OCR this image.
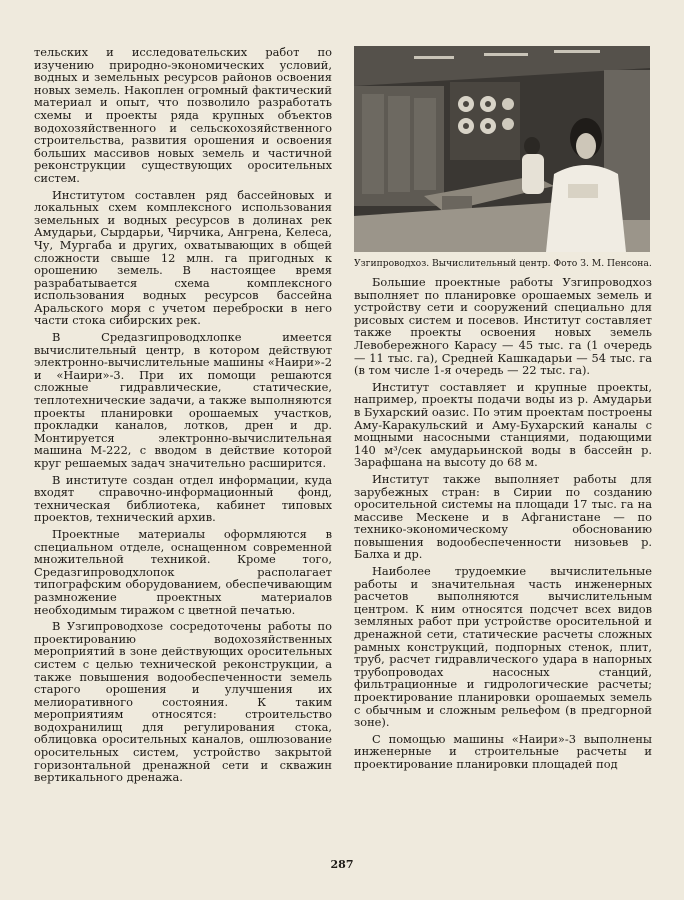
тельских и исследовательских работ по изучению природно-экономических условий, водных и земельных ресурсов районов освоения новых земель. Накоплен огромный фактический материал и опыт, что позволило разработать схемы и проекты ряда крупных объектов водохозяйственного и сельскохозяйственного строительства, развития орошения и освоения больших массивов новых земель и частичной реконструкции существующих оросительных систем.

Институтом составлен ряд бассейновых и локальных схем комплексного использования земельных и водных ресурсов в долинах рек Амударьи, Сырдарьи, Чирчика, Ангрена, Келеса, Чу, Мургаба и других, охватывающих в общей сложности свыше 12 млн. га пригодных к орошению земель. В настоящее время разрабатывается схема комплексного использования водных ресурсов бассейна Аральского моря с учетом переброски в него части стока сибирских рек.

В Средазгипроводхлопке имеется вычислительный центр, в котором действуют электронно-вычислительные машины «Наири»-2 и «Наири»-3. При их помощи решаются сложные гидравлические, статические, теплотехнические задачи, а также выполняются проекты планировки орошаемых участков, прокладки каналов, лотков, дрен и др. Монтируется электронно-вычислительная машина М-222, с вводом в действие которой круг решаемых задач значительно расширится.

В институте создан отдел информации, куда входят справочно-информационный фонд, техническая библиотека, кабинет типовых проектов, технический архив.

Проектные материалы оформляются в специальном отделе, оснащенном современной множительной техникой. Кроме того, Средазгипроводхлопок располагает типографским оборудованием, обеспечивающим размножение проектных материалов необходимым тиражом с цветной печатью.

В Узгипроводхозе сосредоточены работы по проектированию водохозяйственных мероприятий в зоне действующих оросительных систем с целью технической реконструкции, а также повышения водообеспеченности земель старого орошения и улучшения их мелиоративного состояния. К таким мероприятиям относятся: строительство водохранилищ для регулирования стока, облицовка оросительных каналов, ошлюзование оросительных систем, устройство закрытой горизонтальной дренажной сети и скважин вертикального дренажа.

Узгипроводхоз. Вычислительный центр. Фото З. М. Пенсона.

Большие проектные работы Узгипроводхоз выполняет по планировке орошаемых земель и устройству сети и сооружений специально для рисовых систем и посевов. Институт составляет также проекты освоения новых земель Левобережного Карасу — 45 тыс. га (1 очередь — 11 тыс. га), Средней Кашкадарьи — 54 тыс. га (в том числе 1-я очередь — 22 тыс. га).

Институт составляет и крупные проекты, например, проекты подачи воды из р. Амударьи в Бухарский оазис. По этим проектам построены Аму-Каракульский и Аму-Бухарский каналы с мощными насосными станциями, подающими 140 м³/сек амударьинской воды в бассейн р. Зарафшана на высоту до 68 м.

Институт также выполняет работы для зарубежных стран: в Сирии по созданию оросительной системы на площади 17 тыс. га на массиве Мескене и в Афганистане — по технико-экономическому обоснованию повышения водообеспеченности низовьев р. Балха и др.

Наиболее трудоемкие вычислительные работы и значительная часть инженерных расчетов выполняются вычислительным центром. К ним относятся подсчет всех видов земляных работ при устройстве оросительной и дренажной сети, статические расчеты сложных рамных конструкций, подпорных стенок, плит, труб, расчет гидравлического удара в напорных трубопроводах насосных станций, фильтрационные и гидрологические расчеты; проектирование планировки орошаемых земель с обычным и сложным рельефом (в предгорной зоне).

С помощью машины «Наири»-3 выполнены инженерные и строительные расчеты и проектирование планировки площадей под

287
